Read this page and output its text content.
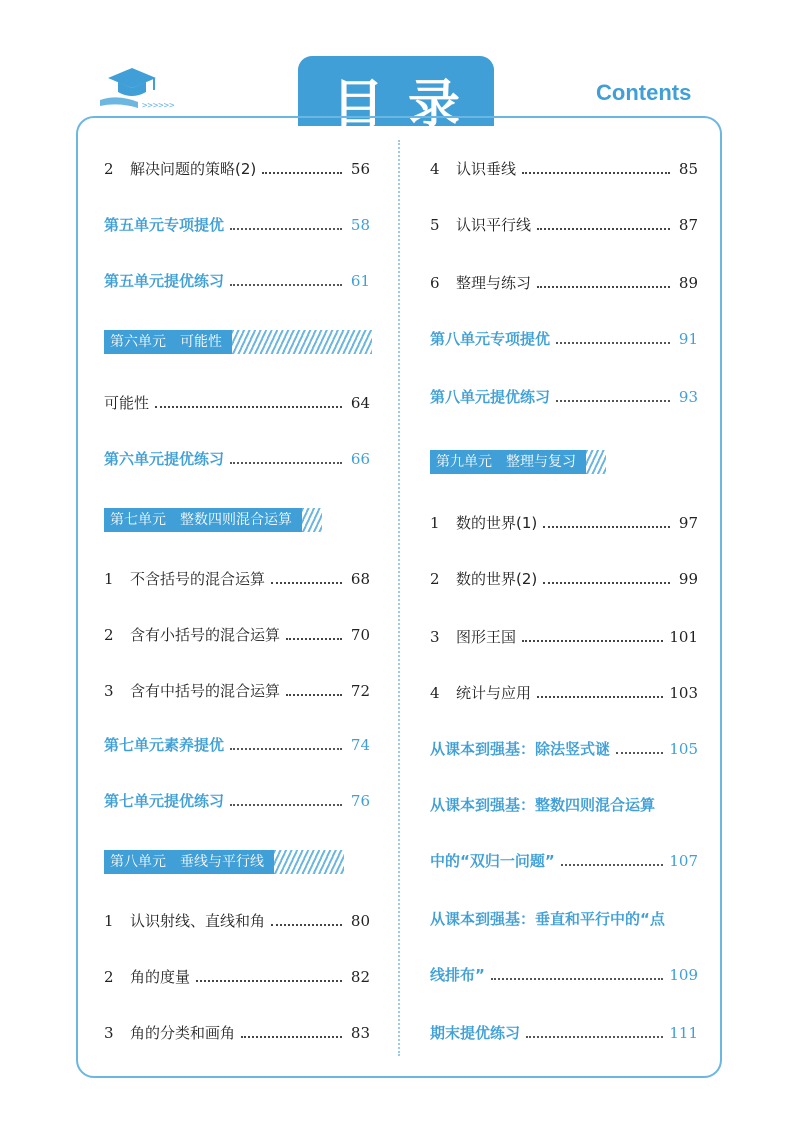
>>>>>>	目录	Contents
2	解决问题的策略(2)	56
第五单元专项提优	58
第五单元提优练习	61
第六单元　可能性
可能性	64
第六单元提优练习	66
第七单元　整数四则混合运算
1	不含括号的混合运算	68
2	含有小括号的混合运算	70
3	含有中括号的混合运算	72
第七单元素养提优	74
第七单元提优练习	76
第八单元　垂线与平行线
1	认识射线、直线和角	80
2	角的度量	82
3	角的分类和画角	83
4	认识垂线	85
5	认识平行线	87
6	整理与练习	89
第八单元专项提优	91
第八单元提优练习	93
第九单元　整理与复习
1	数的世界(1)	97
2	数的世界(2)	99
3	图形王国	101
4	统计与应用	103
从课本到强基：除法竖式谜	105
从课本到强基：整数四则混合运算
中的“双归一问题”	107
从课本到强基：垂直和平行中的“点
线排布”	109
期末提优练习	111
